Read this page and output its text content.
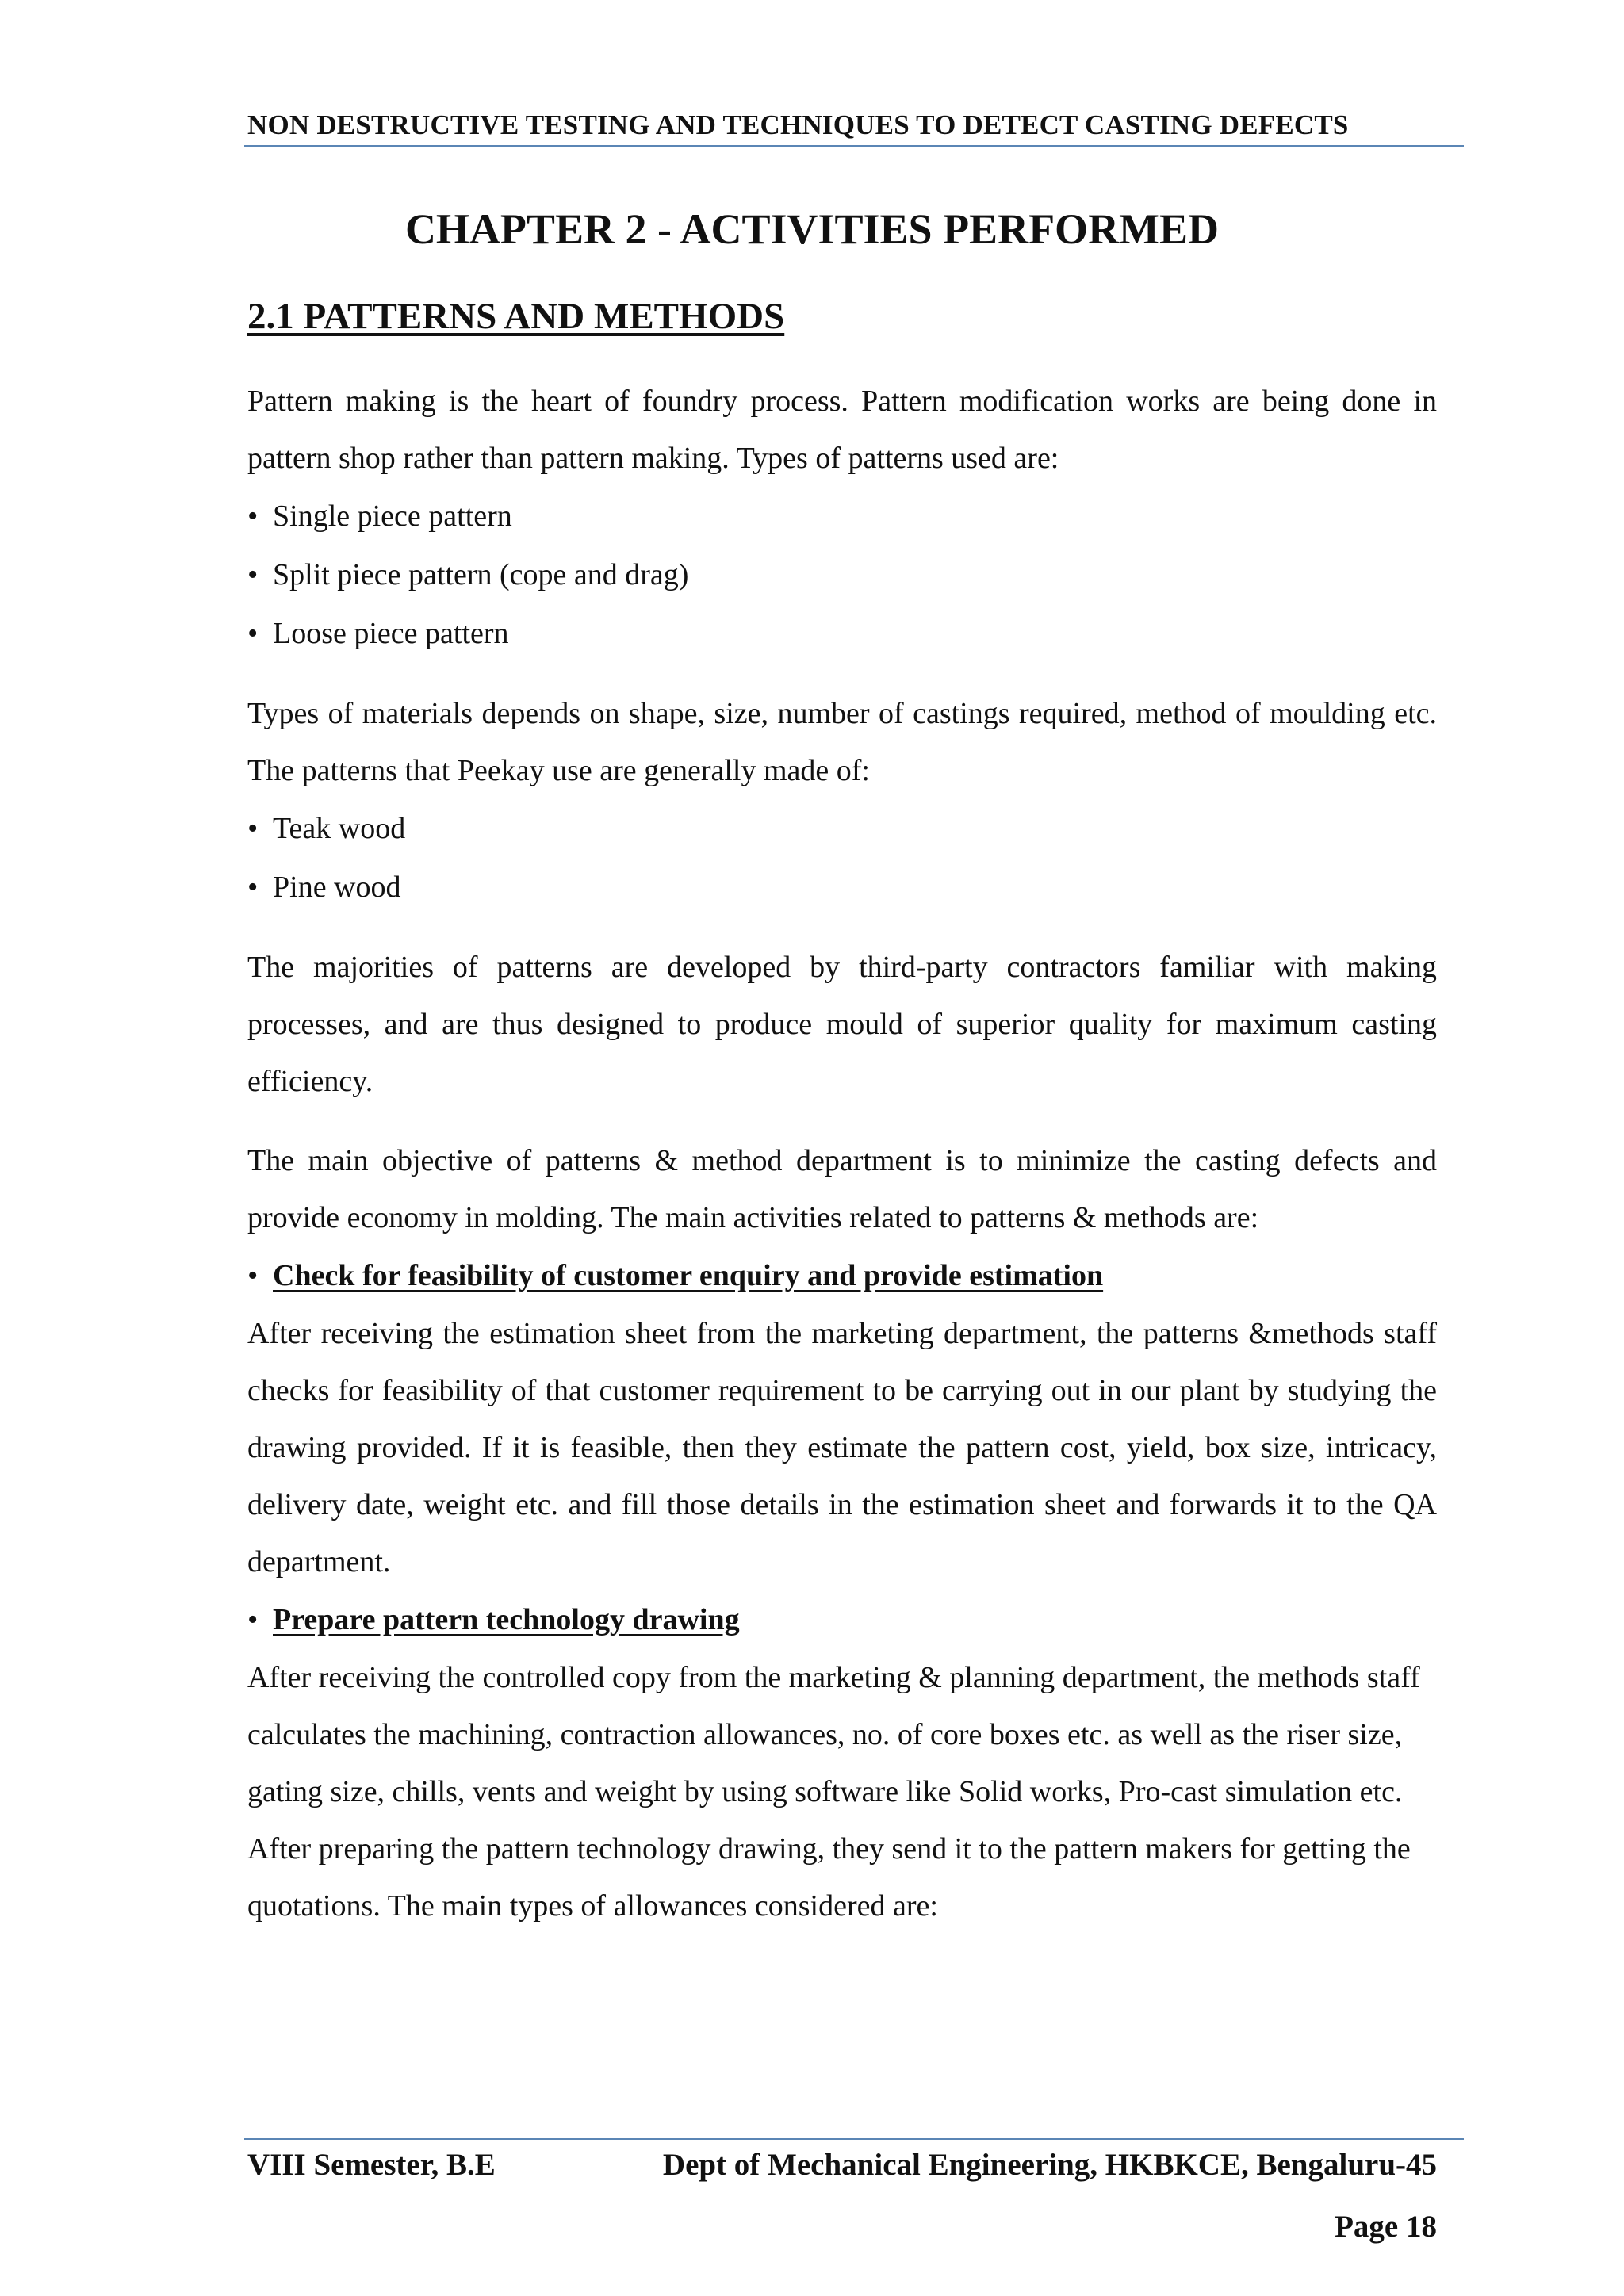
NON DESTRUCTIVE TESTING AND TECHNIQUES TO DETECT CASTING DEFECTS
CHAPTER 2 - ACTIVITIES PERFORMED
2.1 PATTERNS AND METHODS

Pattern making is the heart of foundry process. Pattern modification works are being done in pattern shop rather than pattern making. Types of patterns used are:

• Single piece pattern
• Split piece pattern (cope and drag)
• Loose piece pattern

Types of materials depends on shape, size, number of castings required, method of moulding etc. The patterns that Peekay use are generally made of:

• Teak wood
• Pine wood

The majorities of patterns are developed by third-party contractors familiar with making processes, and are thus designed to produce mould of superior quality for maximum casting efficiency.

The main objective of patterns & method department is to minimize the casting defects and provide economy in molding. The main activities related to patterns & methods are:

• Check for feasibility of customer enquiry and provide estimation

After receiving the estimation sheet from the marketing department, the patterns &methods staff checks for feasibility of that customer requirement to be carrying out in our plant by studying the drawing provided. If it is feasible, then they estimate the pattern cost, yield, box size, intricacy, delivery date, weight etc. and fill those details in the estimation sheet and forwards it to the QA department.

• Prepare pattern technology drawing

After receiving the controlled copy from the marketing & planning department, the methods staff calculates the machining, contraction allowances, no. of core boxes etc. as well as the riser size, gating size, chills, vents and weight by using software like Solid works, Pro-cast simulation etc. After preparing the pattern technology drawing, they send it to the pattern makers for getting the quotations. The main types of allowances considered are:

VIII Semester, B.E	Dept of Mechanical Engineering, HKBKCE, Bengaluru-45
Page 18
